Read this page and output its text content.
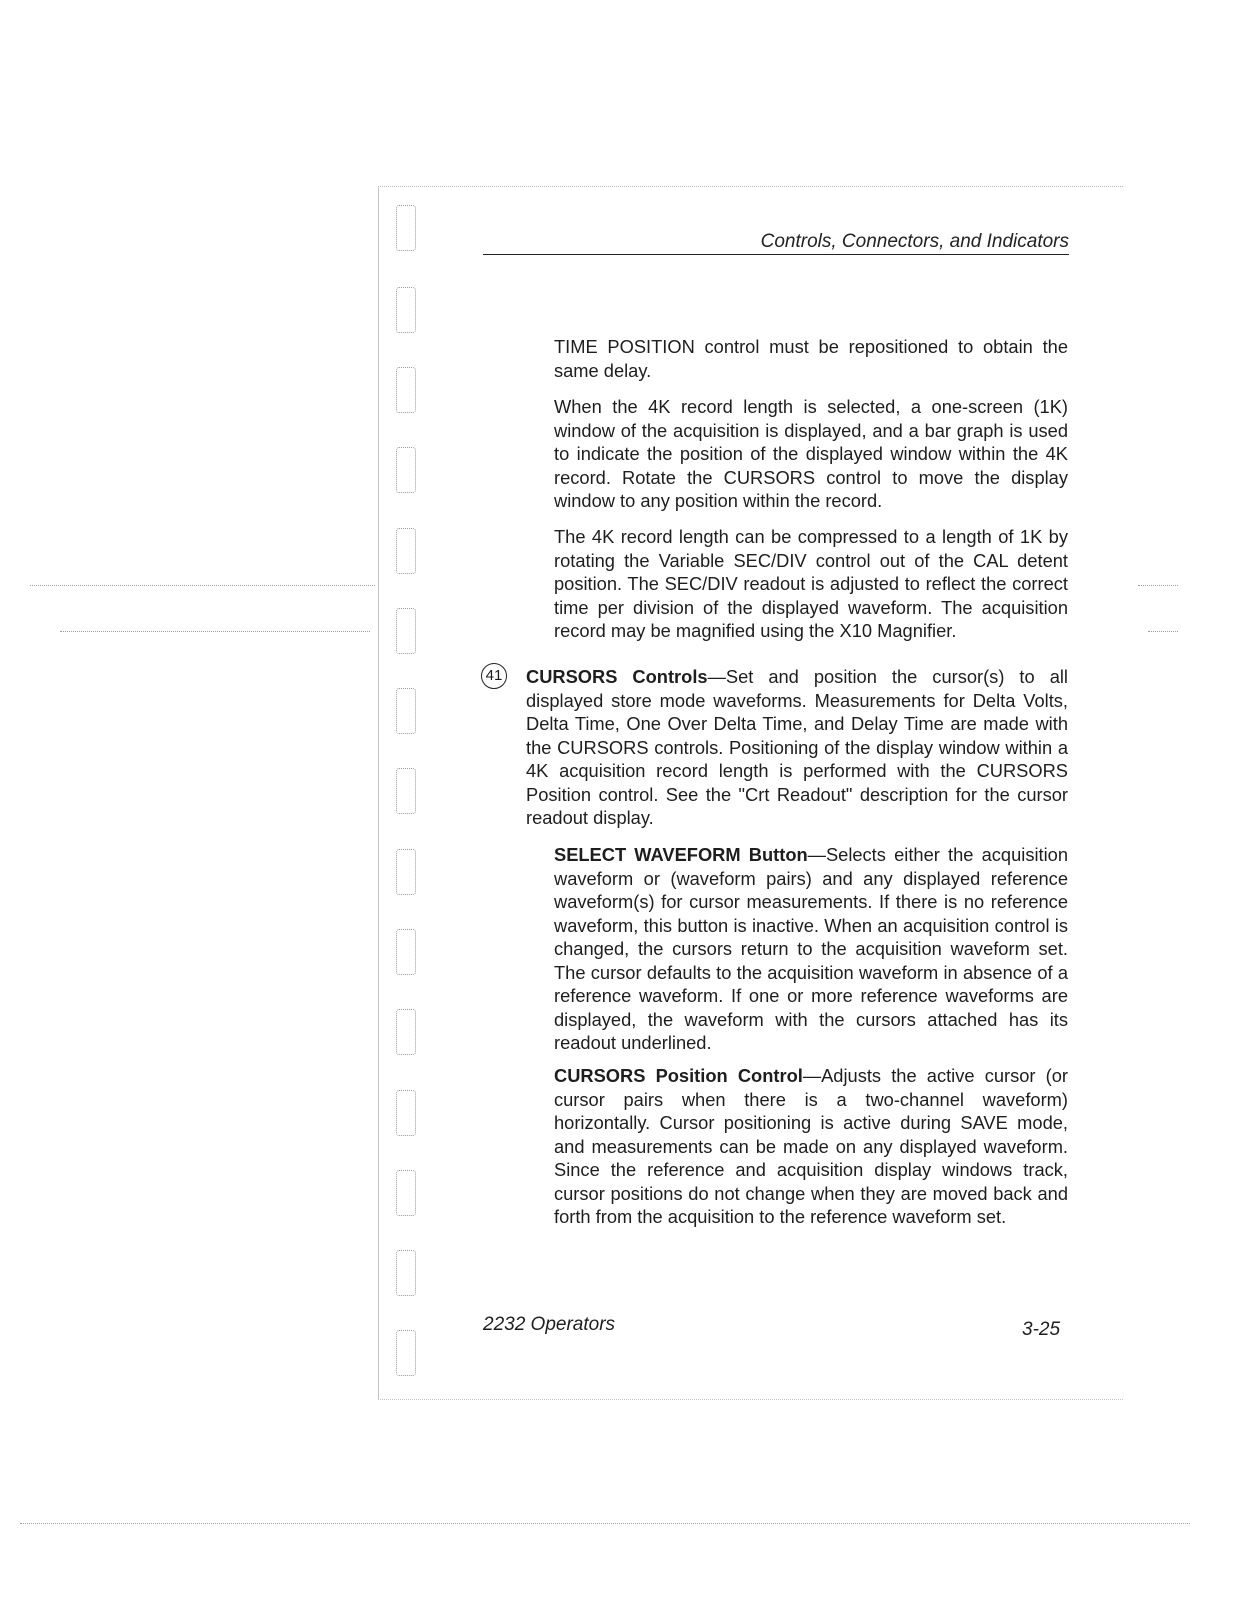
Controls, Connectors, and Indicators

TIME POSITION control must be repositioned to obtain the same delay.

When the 4K record length is selected, a one-screen (1K) window of the acquisition is displayed, and a bar graph is used to indicate the position of the displayed window within the 4K record. Rotate the CURSORS control to move the display window to any position within the record.

The 4K record length can be compressed to a length of 1K by rotating the Variable SEC/DIV control out of the CAL detent position. The SEC/DIV readout is adjusted to reflect the correct time per division of the displayed waveform. The acquisition record may be magnified using the X10 Magnifier.

41 CURSORS Controls—Set and position the cursor(s) to all displayed store mode waveforms. Measurements for Delta Volts, Delta Time, One Over Delta Time, and Delay Time are made with the CURSORS controls. Positioning of the display window within a 4K acquisition record length is performed with the CURSORS Position control. See the "Crt Readout" description for the cursor readout display.

SELECT WAVEFORM Button—Selects either the acquisition waveform or (waveform pairs) and any displayed reference waveform(s) for cursor measurements. If there is no reference waveform, this button is inactive. When an acquisition control is changed, the cursors return to the acquisition waveform set. The cursor defaults to the acquisition waveform in absence of a reference waveform. If one or more reference waveforms are displayed, the waveform with the cursors attached has its readout underlined.

CURSORS Position Control—Adjusts the active cursor (or cursor pairs when there is a two-channel waveform) horizontally. Cursor positioning is active during SAVE mode, and measurements can be made on any displayed waveform. Since the reference and acquisition display windows track, cursor positions do not change when they are moved back and forth from the acquisition to the reference waveform set.

2232 Operators	3-25
